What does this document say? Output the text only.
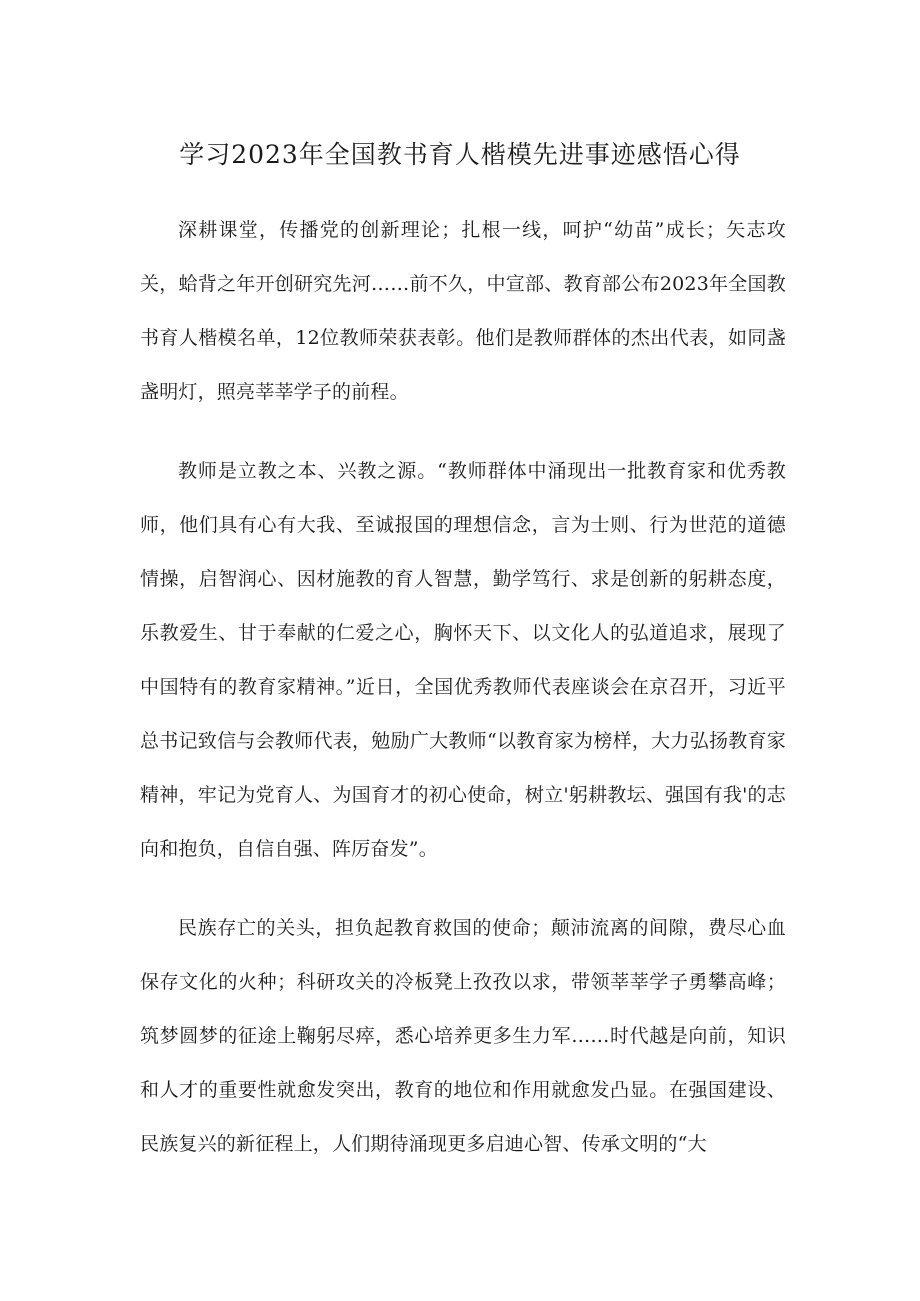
学习2023年全国教书育人楷模先进事迹感悟心得

深耕课堂，传播党的创新理论；扎根一线，呵护“幼苗”成长；矢志攻关，蛤背之年开创研究先河……前不久，中宣部、教育部公布2023年全国教书育人楷模名单，12位教师荣获表彰。他们是教师群体的杰出代表，如同盏盏明灯，照亮莘莘学子的前程。

教师是立教之本、兴教之源。“教师群体中涌现出一批教育家和优秀教师，他们具有心有大我、至诚报国的理想信念，言为士则、行为世范的道德情操，启智润心、因材施教的育人智慧，勤学笃行、求是创新的躬耕态度，乐教爱生、甘于奉献的仁爱之心，胸怀天下、以文化人的弘道追求，展现了中国特有的教育家精神。”近日，全国优秀教师代表座谈会在京召开，习近平总书记致信与会教师代表，勉励广大教师“以教育家为榜样，大力弘扬教育家精神，牢记为党育人、为国育才的初心使命，树立'躬耕教坛、强国有我'的志向和抱负，自信自强、阵厉奋发”。

民族存亡的关头，担负起教育救国的使命；颠沛流离的间隙，费尽心血保存文化的火种；科研攻关的冷板凳上孜孜以求，带领莘莘学子勇攀高峰；筑梦圆梦的征途上鞠躬尽瘁，悉心培养更多生力军……时代越是向前，知识和人才的重要性就愈发突出，教育的地位和作用就愈发凸显。在强国建设、民族复兴的新征程上，人们期待涌现更多启迪心智、传承文明的“大
